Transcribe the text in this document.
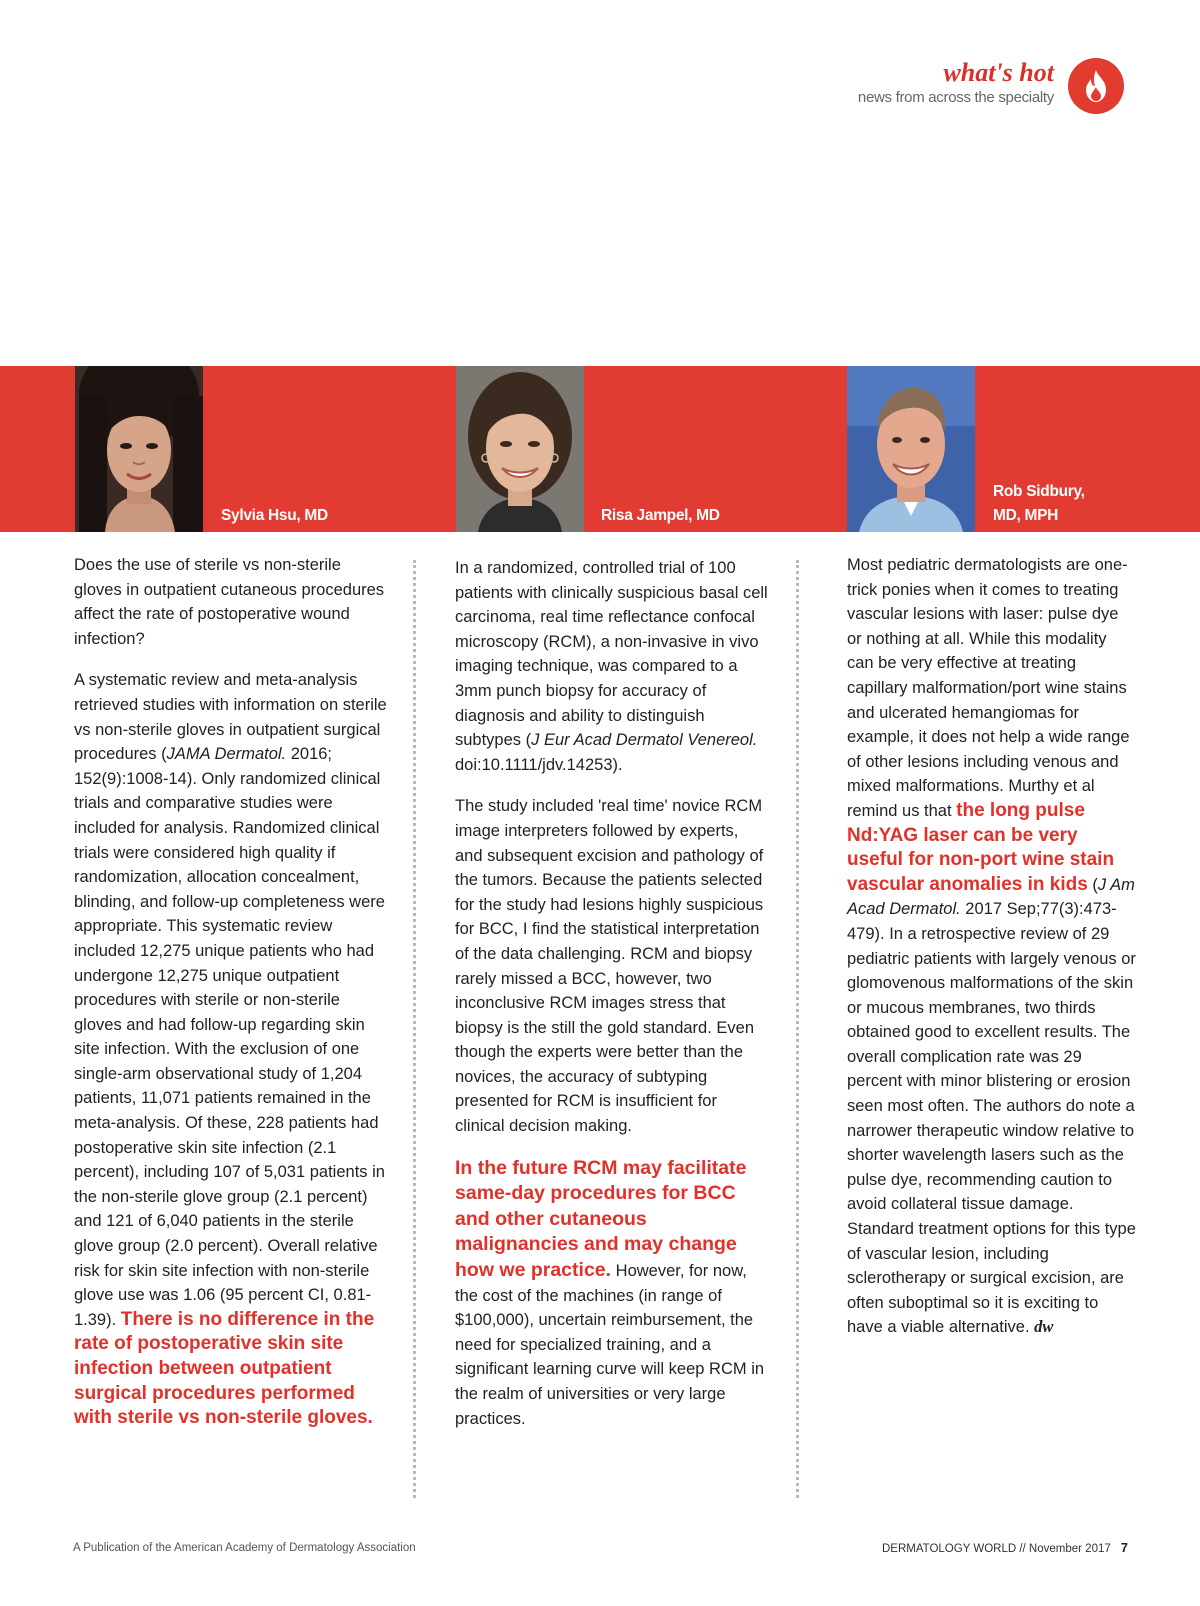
what's hot
news from across the specialty
Sylvia Hsu, MD	Risa Jampel, MD
Rob Sidbury,
MD, MPH

Does the use of sterile vs non-sterile gloves in outpatient cutaneous procedures affect the rate of postoperative wound infection?

A systematic review and meta-analysis retrieved studies with information on sterile vs non-sterile gloves in outpatient surgical procedures (JAMA Dermatol. 2016; 152(9):1008-14). Only randomized clinical trials and comparative studies were included for analysis. Randomized clinical trials were considered high quality if randomization, allocation concealment, blinding, and follow-up completeness were appropriate. This systematic review included 12,275 unique patients who had undergone 12,275 unique outpatient procedures with sterile or non-sterile gloves and had follow-up regarding skin site infection. With the exclusion of one single-arm observational study of 1,204 patients, 11,071 patients remained in the meta-analysis. Of these, 228 patients had postoperative skin site infection (2.1 percent), including 107 of 5,031 patients in the non-sterile glove group (2.1 percent) and 121 of 6,040 patients in the sterile glove group (2.0 percent). Overall relative risk for skin site infection with non-sterile glove use was 1.06 (95 percent CI, 0.81-1.39). There is no difference in the rate of postoperative skin site infection between outpatient surgical procedures performed with sterile vs non-sterile gloves.

In a randomized, controlled trial of 100 patients with clinically suspicious basal cell carcinoma, real time reflectance confocal microscopy (RCM), a non-invasive in vivo imaging technique, was compared to a 3mm punch biopsy for accuracy of diagnosis and ability to distinguish subtypes (J Eur Acad Dermatol Venereol. doi:10.1111/jdv.14253).

The study included 'real time' novice RCM image interpreters followed by experts, and subsequent excision and pathology of the tumors. Because the patients selected for the study had lesions highly suspicious for BCC, I find the statistical interpretation of the data challenging. RCM and biopsy rarely missed a BCC, however, two inconclusive RCM images stress that biopsy is the still the gold standard. Even though the experts were better than the novices, the accuracy of subtyping presented for RCM is insufficient for clinical decision making.

In the future RCM may facilitate same-day procedures for BCC and other cutaneous malignancies and may change how we practice. However, for now, the cost of the machines (in range of $100,000), uncertain reimbursement, the need for specialized training, and a significant learning curve will keep RCM in the realm of universities or very large practices.

Most pediatric dermatologists are one-trick ponies when it comes to treating vascular lesions with laser: pulse dye or nothing at all. While this modality can be very effective at treating capillary malformation/port wine stains and ulcerated hemangiomas for example, it does not help a wide range of other lesions including venous and mixed malformations. Murthy et al remind us that the long pulse Nd:YAG laser can be very useful for non-port wine stain vascular anomalies in kids (J Am Acad Dermatol. 2017 Sep;77(3):473-479). In a retrospective review of 29 pediatric patients with largely venous or glomovenous malformations of the skin or mucous membranes, two thirds obtained good to excellent results. The overall complication rate was 29 percent with minor blistering or erosion seen most often. The authors do note a narrower therapeutic window relative to shorter wavelength lasers such as the pulse dye, recommending caution to avoid collateral tissue damage. Standard treatment options for this type of vascular lesion, including sclerotherapy or surgical excision, are often suboptimal so it is exciting to have a viable alternative. dw

A Publication of the American Academy of Dermatology Association	DERMATOLOGY WORLD // November 2017 7
